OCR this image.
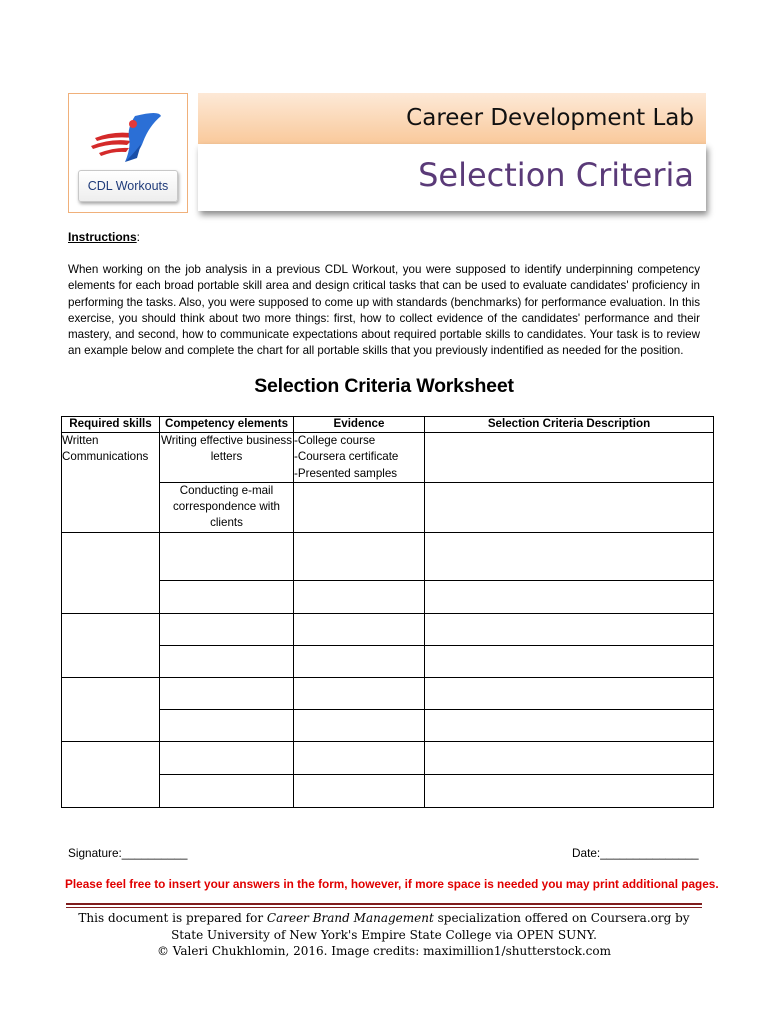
CDL Workouts
Career Development Lab
Selection Criteria
Instructions:

When working on the job analysis in a previous CDL Workout, you were supposed to identify underpinning competency elements for each broad portable skill area and design critical tasks that can be used to evaluate candidates' proficiency in performing the tasks. Also, you were supposed to come up with standards (benchmarks) for performance evaluation. In this exercise, you should think about two more things: first, how to collect evidence of the candidates' performance and their mastery, and second, how to communicate expectations about required portable skills to candidates. Your task is to review an example below and complete the chart for all portable skills that you previously indentified as needed for the position.

Selection Criteria Worksheet
Required skills	Competency elements	Evidence	Selection Criteria Description
Written Communications	Writing effective business letters	-College course
-Coursera certificate
-Presented samples	

	Conducting e-mail correspondence with clients		

Signature:__________	Date:_______________
Please feel free to insert your answers in the form, however, if more space is needed you may print additional pages.
This document is prepared for Career Brand Management specialization offered on Coursera.org by
State University of New York's Empire State College via OPEN SUNY.
© Valeri Chukhlomin, 2016. Image credits: maximillion1/shutterstock.com
